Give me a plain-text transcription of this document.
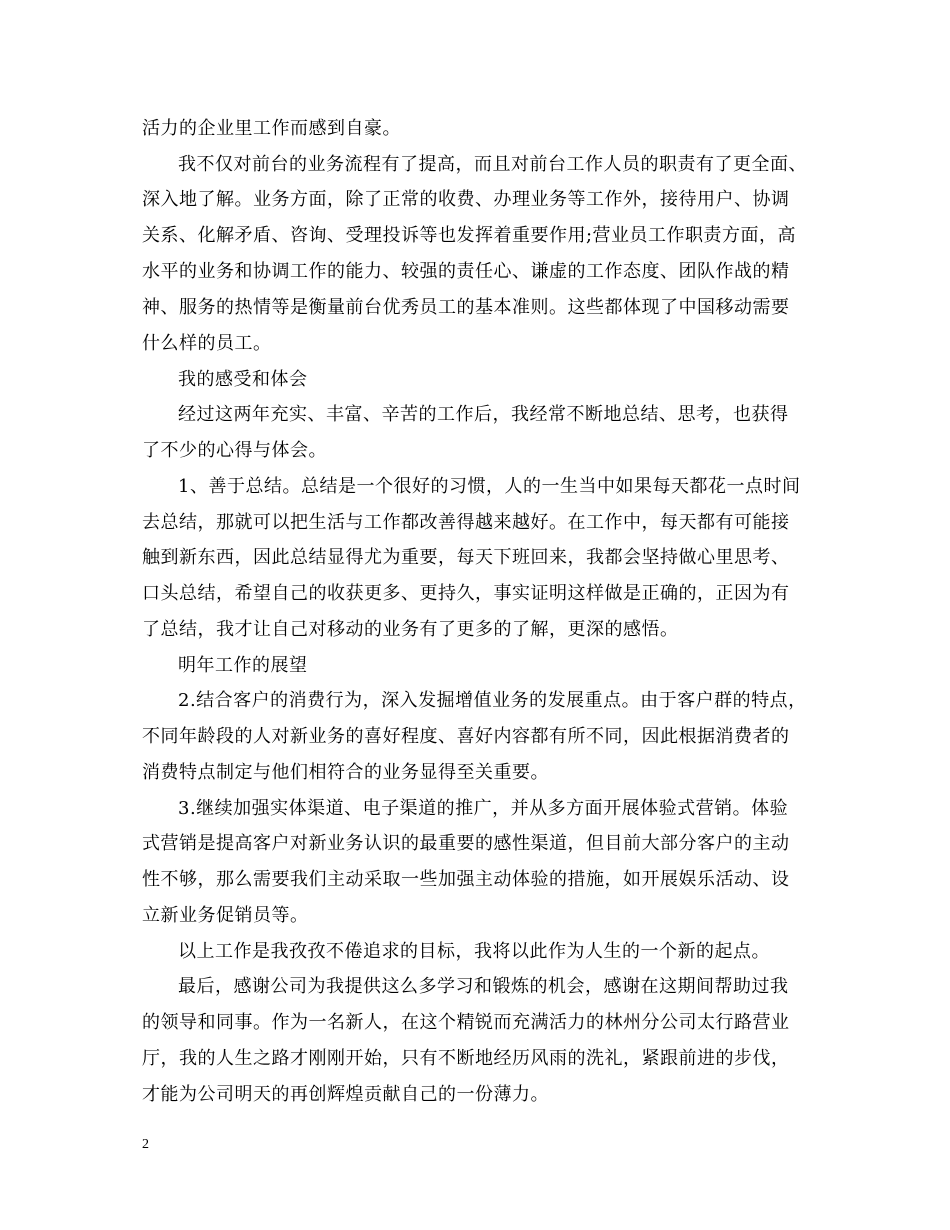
活力的企业里工作而感到自豪。
我不仅对前台的业务流程有了提高，而且对前台工作人员的职责有了更全面、
深入地了解。业务方面，除了正常的收费、办理业务等工作外，接待用户、协调
关系、化解矛盾、咨询、受理投诉等也发挥着重要作用;营业员工作职责方面，高
水平的业务和协调工作的能力、较强的责任心、谦虚的工作态度、团队作战的精
神、服务的热情等是衡量前台优秀员工的基本准则。这些都体现了中国移动需要
什么样的员工。
我的感受和体会
经过这两年充实、丰富、辛苦的工作后，我经常不断地总结、思考，也获得
了不少的心得与体会。
1、善于总结。总结是一个很好的习惯，人的一生当中如果每天都花一点时间
去总结，那就可以把生活与工作都改善得越来越好。在工作中，每天都有可能接
触到新东西，因此总结显得尤为重要，每天下班回来，我都会坚持做心里思考、
口头总结，希望自己的收获更多、更持久，事实证明这样做是正确的，正因为有
了总结，我才让自己对移动的业务有了更多的了解，更深的感悟。
明年工作的展望
2.结合客户的消费行为，深入发掘增值业务的发展重点。由于客户群的特点，
不同年龄段的人对新业务的喜好程度、喜好内容都有所不同，因此根据消费者的
消费特点制定与他们相符合的业务显得至关重要。
3.继续加强实体渠道、电子渠道的推广，并从多方面开展体验式营销。体验
式营销是提高客户对新业务认识的最重要的感性渠道，但目前大部分客户的主动
性不够，那么需要我们主动采取一些加强主动体验的措施，如开展娱乐活动、设
立新业务促销员等。
以上工作是我孜孜不倦追求的目标，我将以此作为人生的一个新的起点。
最后，感谢公司为我提供这么多学习和锻炼的机会，感谢在这期间帮助过我
的领导和同事。作为一名新人，在这个精锐而充满活力的林州分公司太行路营业
厅，我的人生之路才刚刚开始，只有不断地经历风雨的洗礼，紧跟前进的步伐，
才能为公司明天的再创辉煌贡献自己的一份薄力。
2
